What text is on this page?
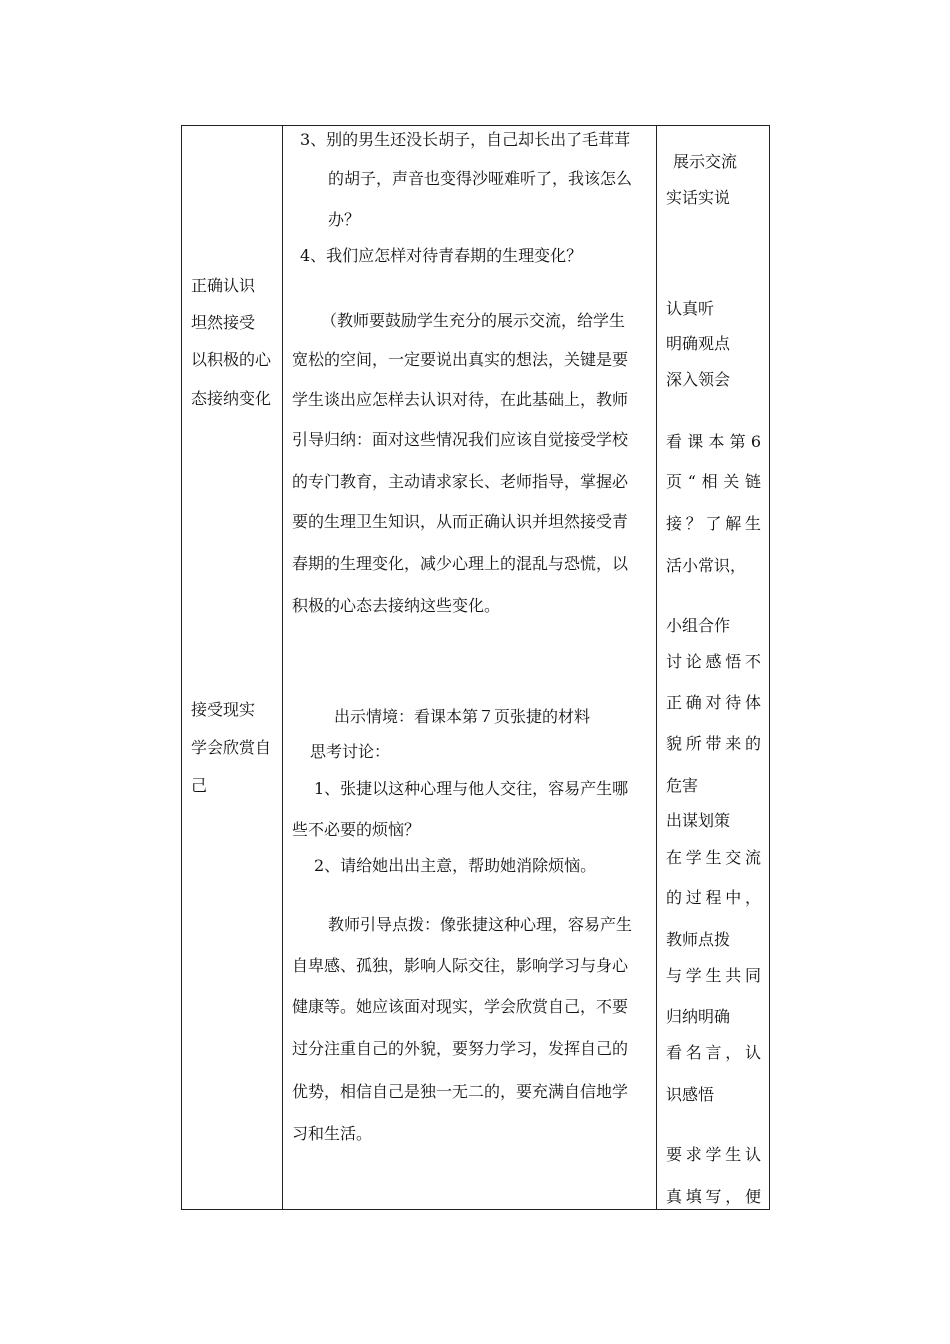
正确认识
坦然接受
以积极的心
态接纳变化
接受现实
学会欣赏自
己
3、别的男生还没长胡子，自己却长出了毛茸茸
的胡子，声音也变得沙哑难听了，我该怎么
办？
4、我们应怎样对待青春期的生理变化？
（教师要鼓励学生充分的展示交流，给学生
宽松的空间，一定要说出真实的想法，关键是要
学生谈出应怎样去认识对待，在此基础上，教师
引导归纳：面对这些情况我们应该自觉接受学校
的专门教育，主动请求家长、老师指导，掌握必
要的生理卫生知识，从而正确认识并坦然接受青
春期的生理变化，减少心理上的混乱与恐慌，以
积极的心态去接纳这些变化。
出示情境：看课本第７页张捷的材料
思考讨论：
1、张捷以这种心理与他人交往，容易产生哪
些不必要的烦恼？
2、请给她出出主意，帮助她消除烦恼。
教师引导点拨：像张捷这种心理，容易产生
自卑感、孤独，影响人际交往，影响学习与身心
健康等。她应该面对现实，学会欣赏自己，不要
过分注重自己的外貌，要努力学习，发挥自己的
优势，相信自己是独一无二的，要充满自信地学
习和生活。
展示交流
实话实说
认真听
明确观点
深入领会
看 课 本 第 6
页 “ 相 关 链
接 ？ 了 解 生
活小常识，
小组合作
讨 论 感 悟 不
正 确 对 待 体
貌 所 带 来 的
危害
出谋划策
在 学 生 交 流
的 过 程 中 ，
教师点拨
与 学 生 共 同
归纳明确
看 名 言 ， 认
识感悟
要 求 学 生 认
真 填 写 ， 便
